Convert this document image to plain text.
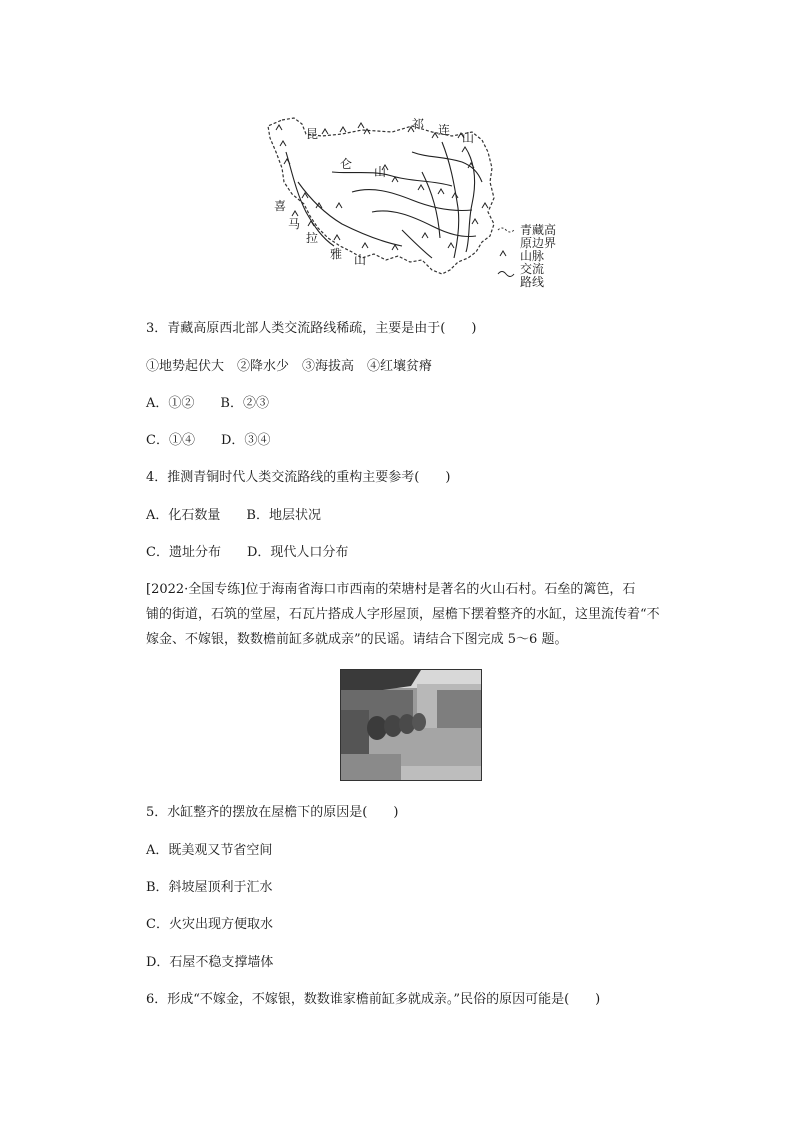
昆
仑
山
祁 连
山
喜
马
拉
雅 山
青藏高
原边界
山脉
交流
路线
3．青藏高原西北部人类交流路线稀疏，主要是由于(　　)
①地势起伏大　②降水少　③海拔高　④红壤贫瘠
A．①②　　B．②③
C．①④　　D．③④
4．推测青铜时代人类交流路线的重构主要参考(　　)
A．化石数量　　B．地层状况
C．遗址分布　　D．现代人口分布
[2022·全国专练]位于海南省海口市西南的荣塘村是著名的火山石村。石垒的篱笆，石
铺的街道，石筑的堂屋，石瓦片搭成人字形屋顶，屋檐下摆着整齐的水缸，这里流传着“不
嫁金、不嫁银，数数檐前缸多就成亲”的民谣。请结合下图完成 5～6 题。
5．水缸整齐的摆放在屋檐下的原因是(　　)
A．既美观又节省空间
B．斜坡屋顶利于汇水
C．火灾出现方便取水
D．石屋不稳支撑墙体
6．形成“不嫁金，不嫁银，数数谁家檐前缸多就成亲。”民俗的原因可能是(　　)
